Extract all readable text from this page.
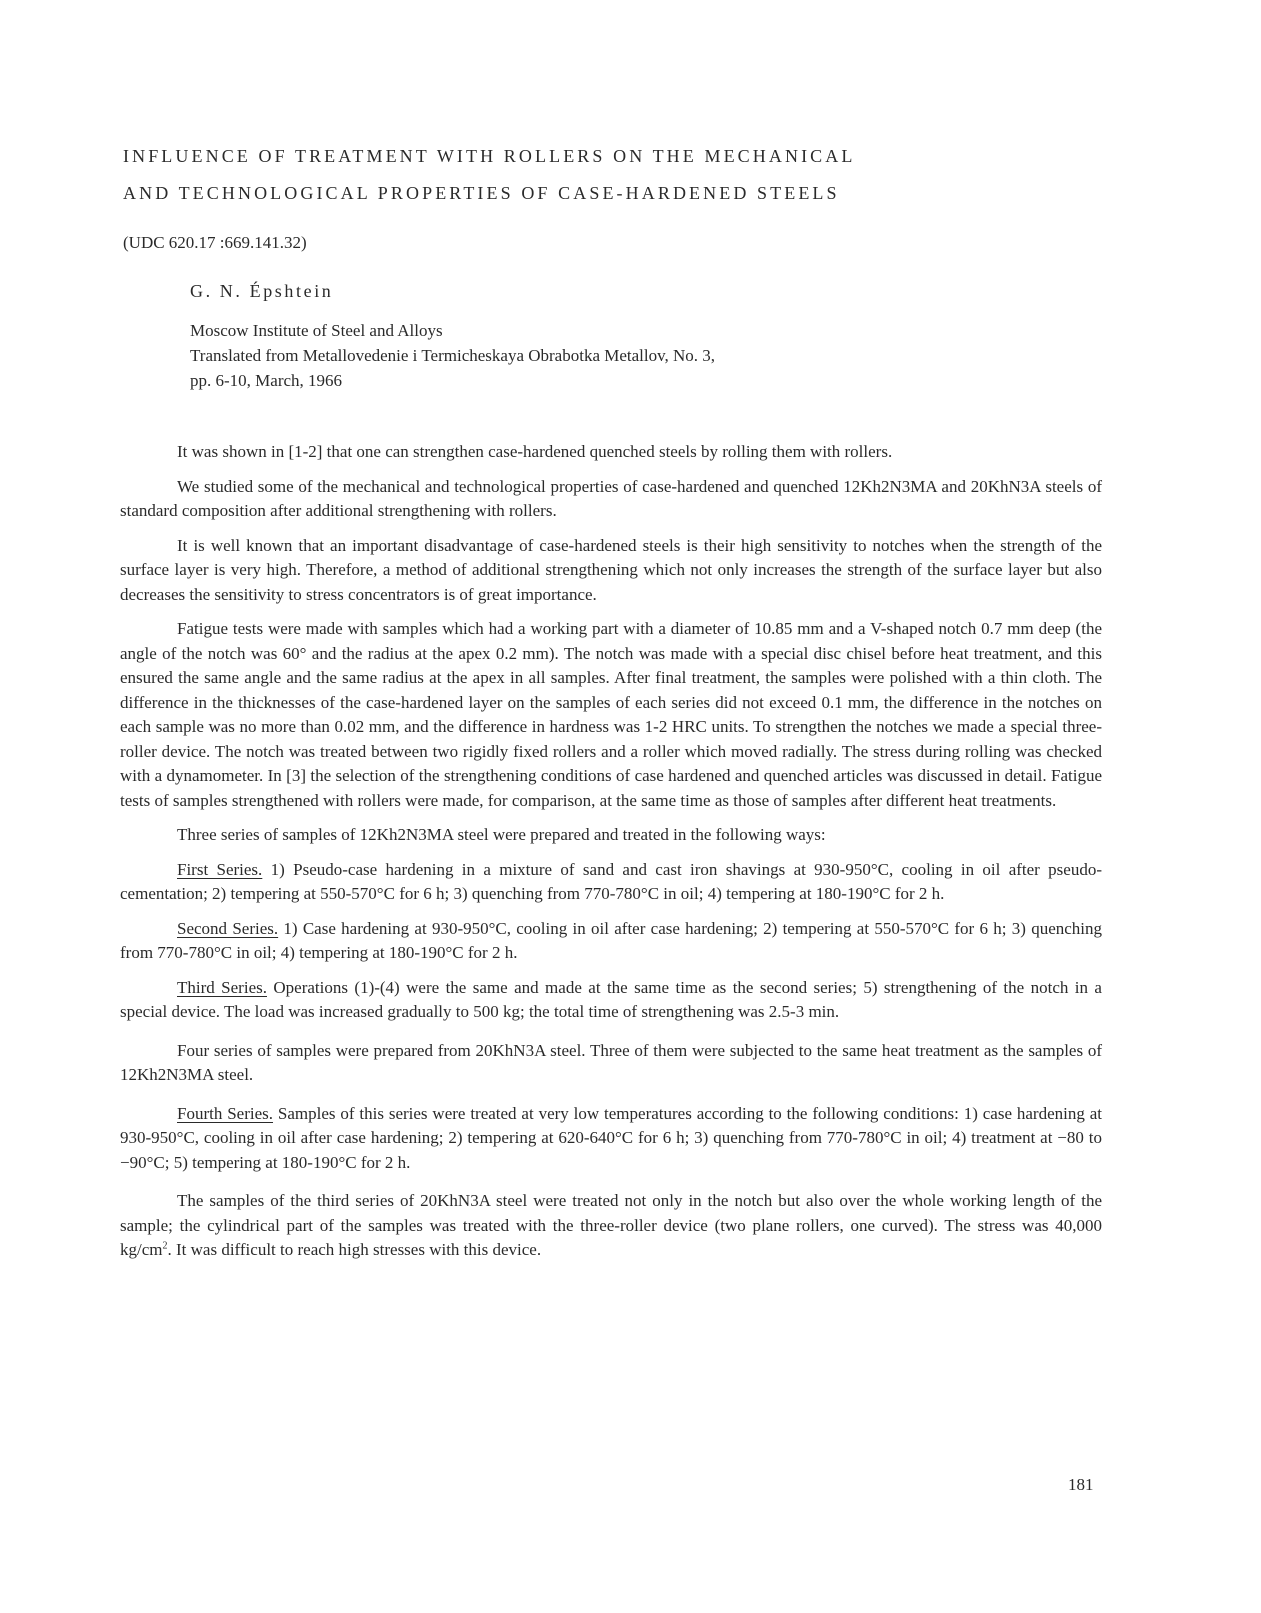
INFLUENCE OF TREATMENT WITH ROLLERS ON THE MECHANICAL
AND TECHNOLOGICAL PROPERTIES OF CASE-HARDENED STEELS
(UDC 620.17 :669.141.32)
G. N. Épshtein
Moscow Institute of Steel and Alloys
Translated from Metallovedenie i Termicheskaya Obrabotka Metallov, No. 3,
pp. 6-10, March, 1966

It was shown in [1-2] that one can strengthen case-hardened quenched steels by rolling them with rollers.

We studied some of the mechanical and technological properties of case-hardened and quenched 12Kh2N3MA and 20KhN3A steels of standard composition after additional strengthening with rollers.

It is well known that an important disadvantage of case-hardened steels is their high sensitivity to notches when the strength of the surface layer is very high. Therefore, a method of additional strengthening which not only increases the strength of the surface layer but also decreases the sensitivity to stress concentrators is of great importance.

Fatigue tests were made with samples which had a working part with a diameter of 10.85 mm and a V-shaped notch 0.7 mm deep (the angle of the notch was 60° and the radius at the apex 0.2 mm). The notch was made with a special disc chisel before heat treatment, and this ensured the same angle and the same radius at the apex in all samples. After final treatment, the samples were polished with a thin cloth. The difference in the thicknesses of the case-hardened layer on the samples of each series did not exceed 0.1 mm, the difference in the notches on each sample was no more than 0.02 mm, and the difference in hardness was 1-2 HRC units. To strengthen the notches we made a special three-roller device. The notch was treated between two rigidly fixed rollers and a roller which moved radially. The stress during rolling was checked with a dynamometer. In [3] the selection of the strengthening conditions of case hardened and quenched articles was discussed in detail. Fatigue tests of samples strengthened with rollers were made, for comparison, at the same time as those of samples after different heat treatments.

Three series of samples of 12Kh2N3MA steel were prepared and treated in the following ways:

First Series. 1) Pseudo-case hardening in a mixture of sand and cast iron shavings at 930-950°C, cooling in oil after pseudo-cementation; 2) tempering at 550-570°C for 6 h; 3) quenching from 770-780°C in oil; 4) tempering at 180-190°C for 2 h.

Second Series. 1) Case hardening at 930-950°C, cooling in oil after case hardening; 2) tempering at 550-570°C for 6 h; 3) quenching from 770-780°C in oil; 4) tempering at 180-190°C for 2 h.

Third Series. Operations (1)-(4) were the same and made at the same time as the second series; 5) strengthening of the notch in a special device. The load was increased gradually to 500 kg; the total time of strengthening was 2.5-3 min.

Four series of samples were prepared from 20KhN3A steel. Three of them were subjected to the same heat treatment as the samples of 12Kh2N3MA steel.

Fourth Series. Samples of this series were treated at very low temperatures according to the following conditions: 1) case hardening at 930-950°C, cooling in oil after case hardening; 2) tempering at 620-640°C for 6 h; 3) quenching from 770-780°C in oil; 4) treatment at −80 to −90°C; 5) tempering at 180-190°C for 2 h.

The samples of the third series of 20KhN3A steel were treated not only in the notch but also over the whole working length of the sample; the cylindrical part of the samples was treated with the three-roller device (two plane rollers, one curved). The stress was 40,000 $kg/cm^2$. It was difficult to reach high stresses with this device.

181
